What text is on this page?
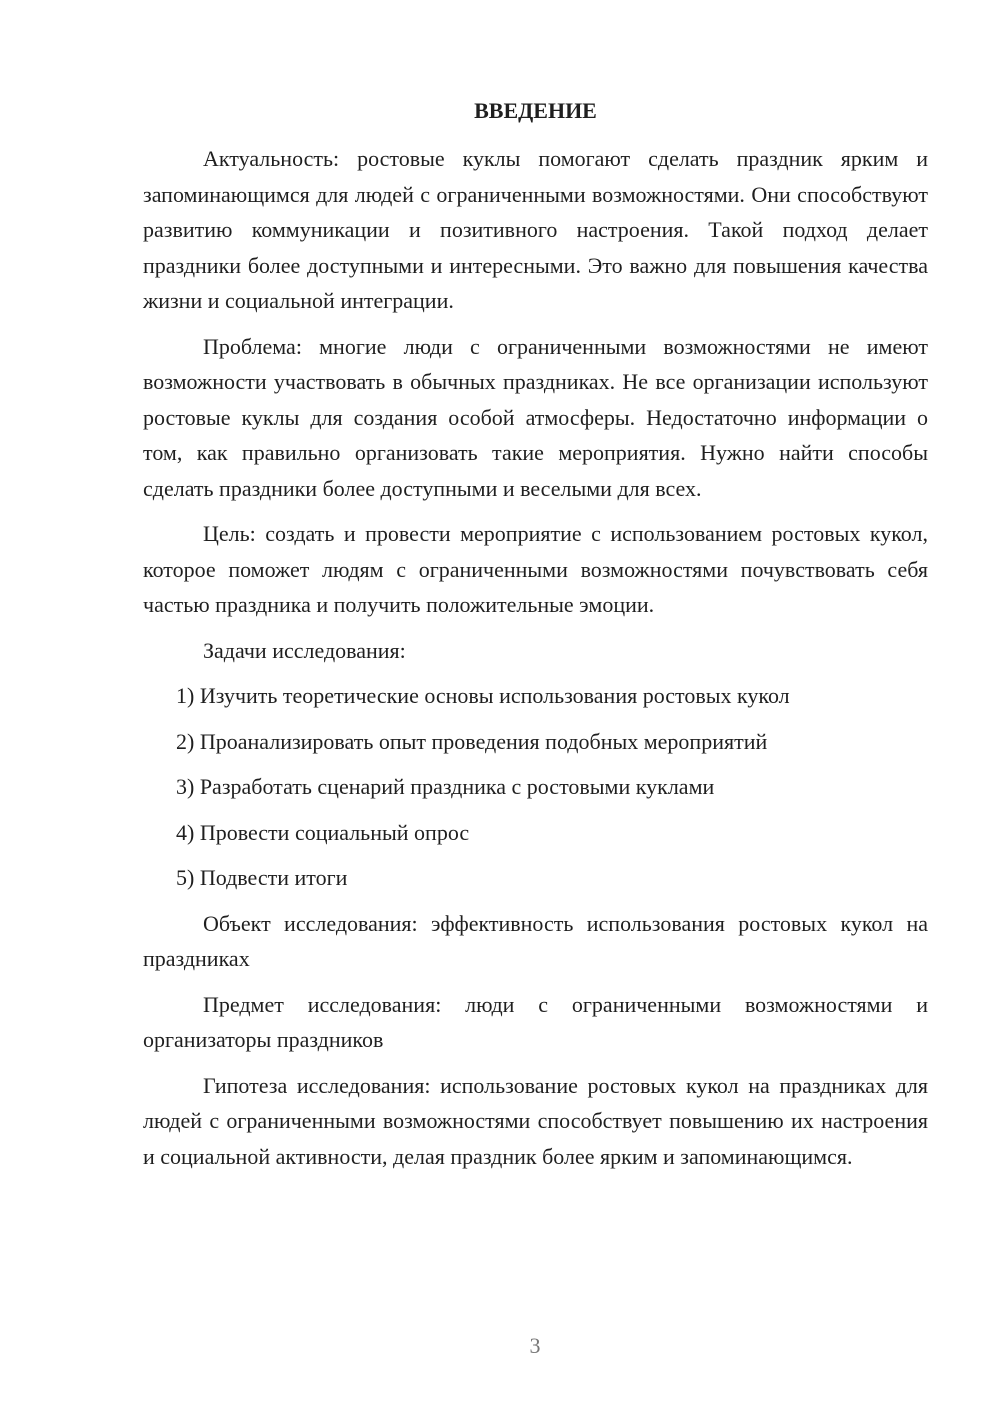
ВВЕДЕНИЕ

Актуальность: ростовые куклы помогают сделать праздник ярким и запоминающимся для людей с ограниченными возможностями. Они способствуют развитию коммуникации и позитивного настроения. Такой подход делает праздники более доступными и интересными. Это важно для повышения качества жизни и социальной интеграции.

Проблема: многие люди с ограниченными возможностями не имеют возможности участвовать в обычных праздниках. Не все организации используют ростовые куклы для создания особой атмосферы. Недостаточно информации о том, как правильно организовать такие мероприятия. Нужно найти способы сделать праздники более доступными и веселыми для всех.

Цель: создать и провести мероприятие с использованием ростовых кукол, которое поможет людям с ограниченными возможностями почувствовать себя частью праздника и получить положительные эмоции.

Задачи исследования:

1) Изучить теоретические основы использования ростовых кукол
2) Проанализировать опыт проведения подобных мероприятий
3) Разработать сценарий праздника с ростовыми куклами
4) Провести социальный опрос
5) Подвести итоги

Объект исследования: эффективность использования ростовых кукол на праздниках

Предмет исследования: люди с ограниченными возможностями и организаторы праздников

Гипотеза исследования: использование ростовых кукол на праздниках для людей с ограниченными возможностями способствует повышению их настроения и социальной активности, делая праздник более ярким и запоминающимся.

3
